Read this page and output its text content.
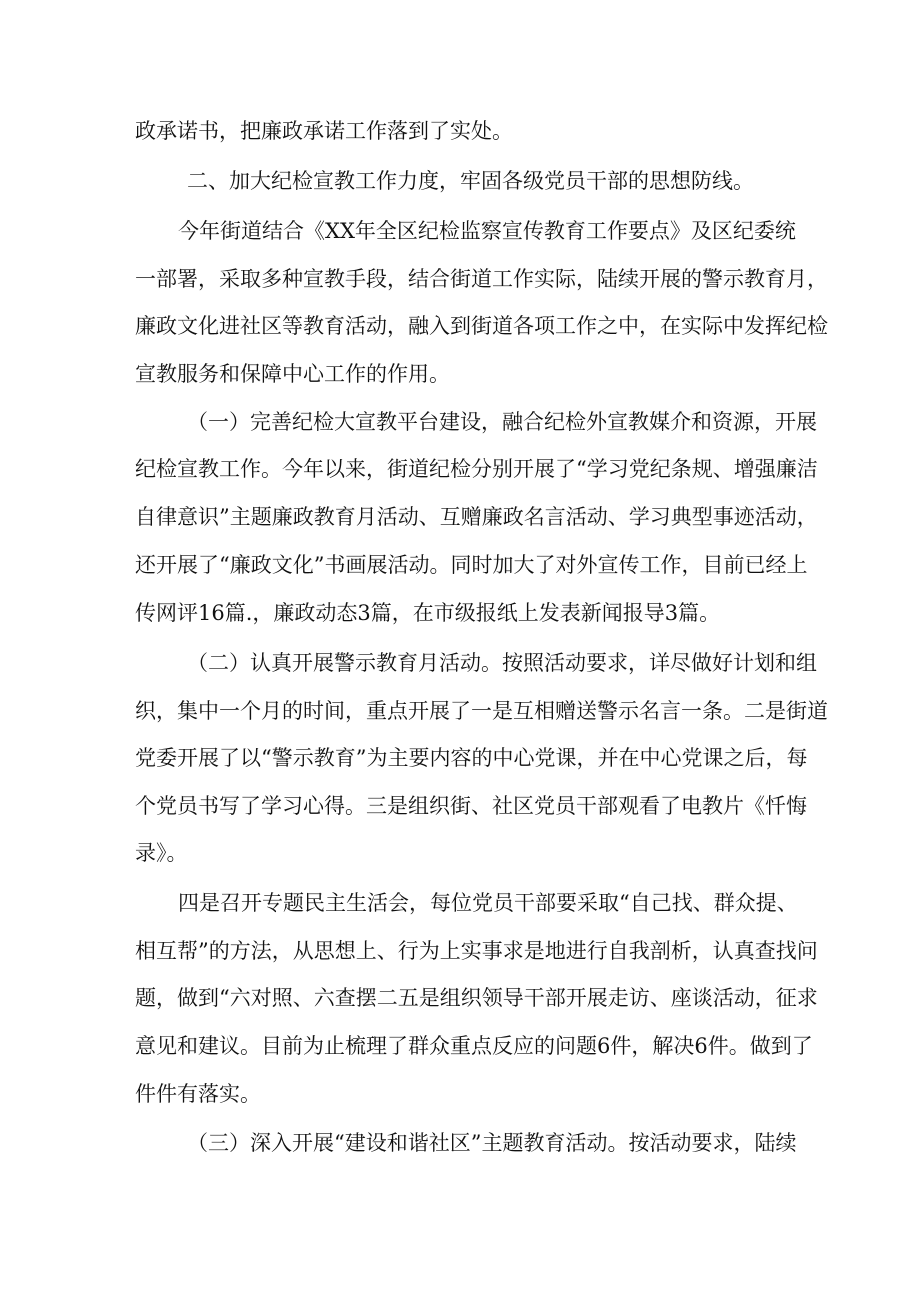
政承诺书，把廉政承诺工作落到了实处。
二、加大纪检宣教工作力度，牢固各级党员干部的思想防线。
今年街道结合《XX年全区纪检监察宣传教育工作要点》及区纪委统
一部署，采取多种宣教手段，结合街道工作实际，陆续开展的警示教育月，
廉政文化进社区等教育活动，融入到街道各项工作之中，在实际中发挥纪检
宣教服务和保障中心工作的作用。
（一）完善纪检大宣教平台建设，融合纪检外宣教媒介和资源，开展
纪检宣教工作。今年以来，街道纪检分别开展了“学习党纪条规、增强廉洁
自律意识”主题廉政教育月活动、互赠廉政名言活动、学习典型事迹活动，
还开展了“廉政文化”书画展活动。同时加大了对外宣传工作，目前已经上
传网评16篇.，廉政动态3篇，在市级报纸上发表新闻报导3篇。
（二）认真开展警示教育月活动。按照活动要求，详尽做好计划和组
织，集中一个月的时间，重点开展了一是互相赠送警示名言一条。二是街道
党委开展了以“警示教育”为主要内容的中心党课，并在中心党课之后，每
个党员书写了学习心得。三是组织街、社区党员干部观看了电教片《忏悔
录》。
四是召开专题民主生活会，每位党员干部要采取“自己找、群众提、
相互帮”的方法，从思想上、行为上实事求是地进行自我剖析，认真查找问
题，做到“六对照、六查摆二五是组织领导干部开展走访、座谈活动，征求
意见和建议。目前为止梳理了群众重点反应的问题6件，解决6件。做到了
件件有落实。
（三）深入开展“建设和谐社区”主题教育活动。按活动要求，陆续
